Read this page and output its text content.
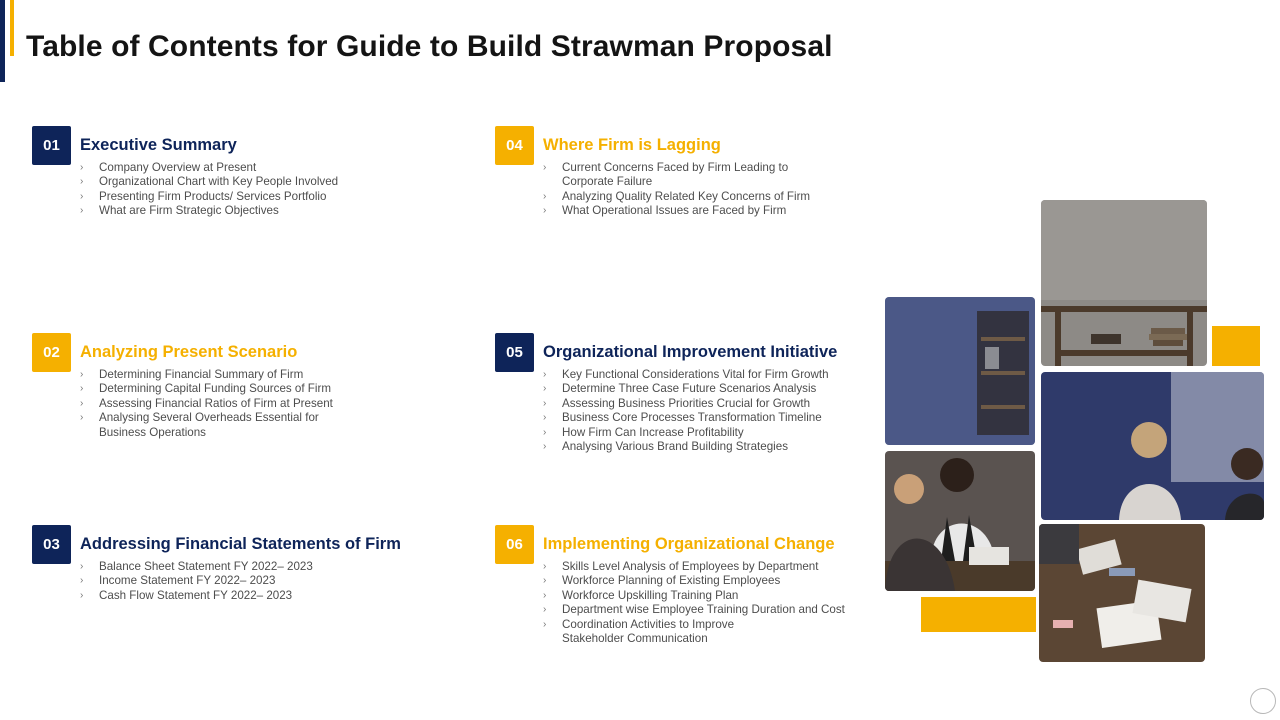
Table of Contents for Guide to Build Strawman Proposal
01	Executive Summary
› Company Overview at Present
› Organizational Chart with Key People Involved
› Presenting Firm Products/ Services Portfolio
› What are Firm Strategic Objectives
02	Analyzing Present Scenario
› Determining Financial Summary of Firm
› Determining Capital Funding Sources of Firm
› Assessing Financial Ratios of Firm at Present
› Analysing Several Overheads Essential for
Business Operations
03	Addressing Financial Statements of Firm
› Balance Sheet Statement FY 2022– 2023
› Income Statement FY 2022– 2023
› Cash Flow Statement FY 2022– 2023
04	Where Firm is Lagging
› Current Concerns Faced by Firm Leading to
Corporate Failure
› Analyzing Quality Related Key Concerns of Firm
› What Operational Issues are Faced by Firm
05	Organizational Improvement Initiative
› Key Functional Considerations Vital for Firm Growth
› Determine Three Case Future Scenarios Analysis
› Assessing Business Priorities Crucial for Growth
› Business Core Processes Transformation Timeline
› How Firm Can Increase Profitability
› Analysing Various Brand Building Strategies
06	Implementing Organizational Change
› Skills Level Analysis of Employees by Department
› Workforce Planning of Existing Employees
› Workforce Upskilling Training Plan
› Department wise Employee Training Duration and Cost
› Coordination Activities to Improve
Stakeholder Communication
